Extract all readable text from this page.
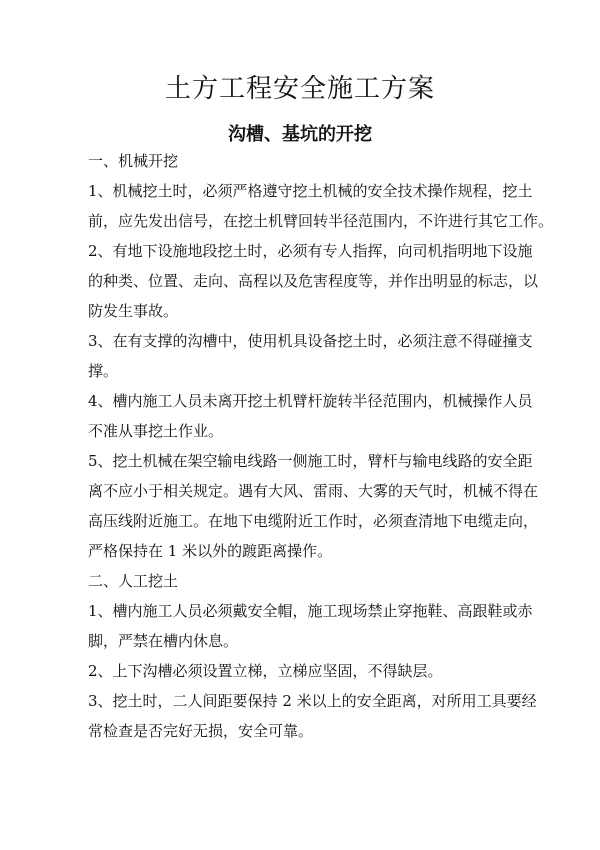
土方工程安全施工方案
沟槽、基坑的开挖
一、机械开挖
1、机械挖土时，必须严格遵守挖土机械的安全技术操作规程，挖土
前，应先发出信号，在挖土机臂回转半径范围内，不许进行其它工作。
2、有地下设施地段挖土时，必须有专人指挥，向司机指明地下设施
的种类、位置、走向、高程以及危害程度等，并作出明显的标志，以
防发生事故。
3、在有支撑的沟槽中，使用机具设备挖土时，必须注意不得碰撞支
撑。
4、槽内施工人员未离开挖土机臂杆旋转半径范围内，机械操作人员
不准从事挖土作业。
5、挖土机械在架空输电线路一侧施工时，臂杆与输电线路的安全距
离不应小于相关规定。遇有大风、雷雨、大雾的天气时，机械不得在
高压线附近施工。在地下电缆附近工作时，必须查清地下电缆走向，
严格保持在 1 米以外的踱距离操作。
二、人工挖土
1、槽内施工人员必须戴安全帽，施工现场禁止穿拖鞋、高跟鞋或赤
脚，严禁在槽内休息。
2、上下沟槽必须设置立梯，立梯应坚固，不得缺层。
3、挖土时，二人间距要保持 2 米以上的安全距离，对所用工具要经
常检查是否完好无损，安全可靠。
